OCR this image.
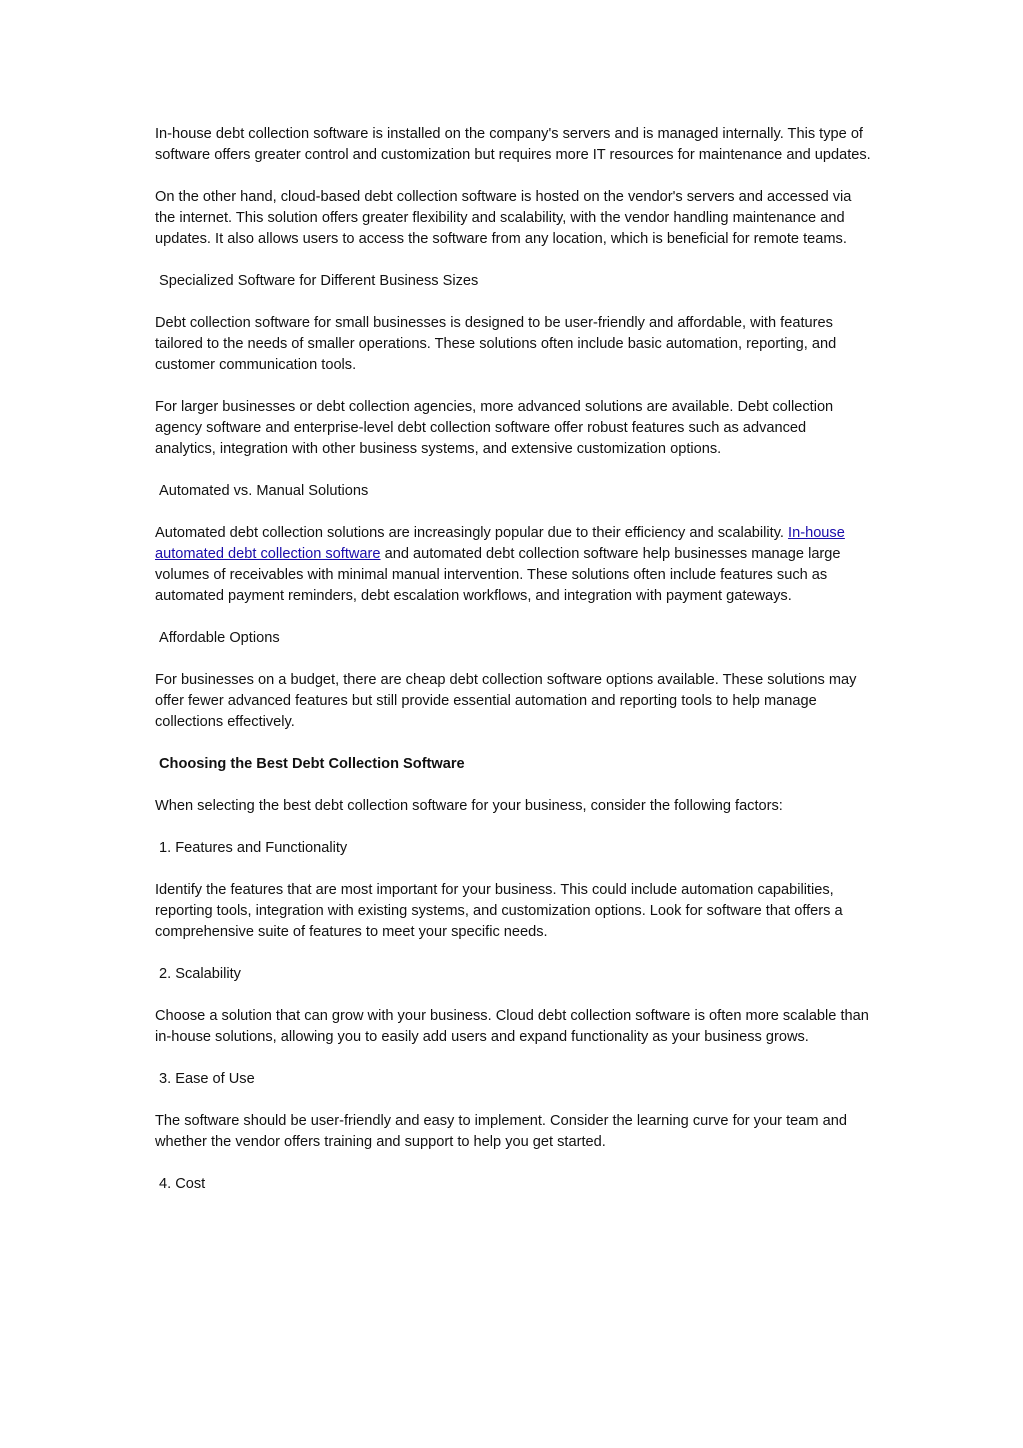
In-house debt collection software is installed on the company's servers and is managed internally. This type of software offers greater control and customization but requires more IT resources for maintenance and updates.

On the other hand, cloud-based debt collection software is hosted on the vendor's servers and accessed via the internet. This solution offers greater flexibility and scalability, with the vendor handling maintenance and updates. It also allows users to access the software from any location, which is beneficial for remote teams.

Specialized Software for Different Business Sizes

Debt collection software for small businesses is designed to be user-friendly and affordable, with features tailored to the needs of smaller operations. These solutions often include basic automation, reporting, and customer communication tools.

For larger businesses or debt collection agencies, more advanced solutions are available. Debt collection agency software and enterprise-level debt collection software offer robust features such as advanced analytics, integration with other business systems, and extensive customization options.

Automated vs. Manual Solutions

Automated debt collection solutions are increasingly popular due to their efficiency and scalability. In-house automated debt collection software and automated debt collection software help businesses manage large volumes of receivables with minimal manual intervention. These solutions often include features such as automated payment reminders, debt escalation workflows, and integration with payment gateways.

Affordable Options

For businesses on a budget, there are cheap debt collection software options available. These solutions may offer fewer advanced features but still provide essential automation and reporting tools to help manage collections effectively.

Choosing the Best Debt Collection Software

When selecting the best debt collection software for your business, consider the following factors:

1. Features and Functionality

Identify the features that are most important for your business. This could include automation capabilities, reporting tools, integration with existing systems, and customization options. Look for software that offers a comprehensive suite of features to meet your specific needs.

2. Scalability

Choose a solution that can grow with your business. Cloud debt collection software is often more scalable than in-house solutions, allowing you to easily add users and expand functionality as your business grows.

3. Ease of Use

The software should be user-friendly and easy to implement. Consider the learning curve for your team and whether the vendor offers training and support to help you get started.

4. Cost
